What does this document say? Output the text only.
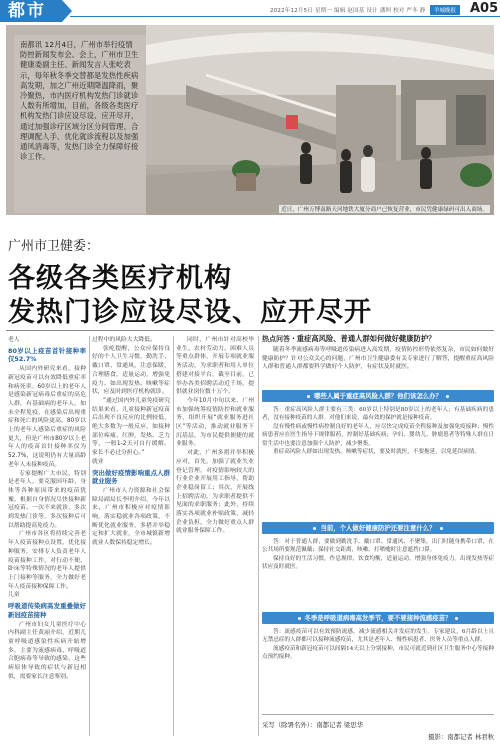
都市	2022年12月5日 星期一 编辑 赵国基 设计 潘圳 校对 严冬 静	羊城晚报	A05

南都讯 12月4日，广州市举行疫情防控新闻发布会。会上，广州市卫生健康委副主任、新闻发言人张屹表示，每年秋冬季交替都是发热性疾病高发期，加之广州近期降温降雨，聚冷聚热，市内医疗机构发热门诊就诊人数有所增加，目前，各级各类医疗机构发热门诊应设尽设、应开尽开，通过加强诊疗区域分区分间管理、合理调配人手、优化就诊流程以及加强通风消毒等，发热门诊全力保障好接诊工作。

近日，广州万博南路天河地铁大厦分商户已恢复营业，市民凭健康绿码可出入商场。
广州市卫健委：
各级各类医疗机构
发热门诊应设尽设、应开尽开

老人

80岁以上疫苗首针接种率仅52.7%

从国内外研究来看，接种新冠疫苗可以有效降低重症率和病死率。60岁以上的老年人是感染新冠病毒后重症的高危人群，有基础病的老年人，如未全程免疫，在感染后出现重症和死亡的风险更高。80岁以上的老年人感染后重症的风险更大，但是广州市80岁以上老年人的疫苗首针接种率仅为52.7%，这说明仍有大量高龄老年人未接种疫苗。

专家提醒广大市民，特别是老年人，要克服因年龄、身体等各种原因带来的疫苗犹豫，根据自身情况尽快接种新冠疫苗。一次不来就诊，多次到发热门诊等，多次接种后可以帮助提高免疫力。

广州市各区将持续完善老年人疫苗接种点设置，优化接种服务，安排专人负责老年人疫苗接种工作，对行动不便、卧床等特殊情况的老年人提供上门接种等服务，全力做好老年人疫苗接种保障工作。

儿童

呼吸道传染病高发重叠做好新冠疫苗接种

广州市妇女儿童医疗中心内科副主任黄丽介绍，近期儿童呼吸道感染性疾病开始增多，主要为流感病毒、呼吸道合胞病毒等导致的感染，这些病原体导致的症状与新冠相似，需要家长注意鉴别。

过程中的风险大大降低。

张屹提醒，公众应保持良好的个人卫生习惯，勤洗手、戴口罩、常通风，注意保暖，合理膳食，适量运动，增强免疫力。如出现发热、咳嗽等症状，应及时到医疗机构就诊。

“通过国内外儿童免疫研究结果来看，儿童接种新冠疫苗后出现不良反应的比例较低，绝大多数为一般反应，如接种部位疼痛、红肿，发热、乏力等，一般1-2天可自行缓解。家长不必过分担心。”

就业

突出做好疫情影响重点人群就业服务

广州市人力资源和社会保障局副局长李明介绍，今年以来，广州市积极应对疫情影响，落实稳就业各项政策，不断优化就业服务，多措并举稳定和扩大就业，全市城镇新增就业人数保持稳定增长。

同时，广州市针对高校毕业生、农村劳动力、困难人员等重点群体，开展专项就业服务活动，为求职者和用人单位搭建对接平台，截至目前，已举办各类招聘活动近千场，提供就业岗位数十万个。

今年10月中旬以来，广州市加强统筹疫情防控和就业服务，组织开展“就业服务进社区”等活动，推动就业服务下沉基层，为市民提供便捷的就业服务。

对此，广州多措并举积极应对，首先，加强了就业失业登记管理，对疫情影响较大的行业企业开展用工指导，帮助企业稳岗留工；其次，开展线上招聘活动，为求职者提供不见面的求职服务；此外，持续落实各项就业补贴政策，减轻企业负担，全力做好重点人群就业服务保障工作。

热点问答
· 重症高风险、普通人群如何做好健康防护？
随着冬季流感病毒等呼吸道传染病进入高发期，疫情防控形势依然复杂，市民如何做好健康防护？针对公众关心的问题，广州市卫生健康委有关专家进行了解答，提醒重症高风险人群和普通人群都要科学做好个人防护，有症状及时就医。
哪些人属于重症高风险人群？他们该怎么办？

答：重症高风险人群主要有三类：60岁以上特别是80岁以上的老年人；有基础疾病的患者，没有接种疫苗的人群。对他们来说，最有效的保护就是接种疫苗。

没有慢性病或慢性病控制良好的老年人，应尽快完成疫苗全程接种及加强免疫接种；慢性病患者应在医生指导下规律服药，控制好基础疾病；孕妇、婴幼儿、肿瘤患者等特殊人群在日常生活中也要注意加强个人防护，减少聚集。

重症高风险人群如出现发热、咳嗽等症状，要及时就医，不要拖延，以免延误病情。

当前，个人做好健康防护还要注意什么？

答：对于普通人群，要做到勤洗手、戴口罩、常通风、不聚集，出门时随身携带口罩，在公共场所要规范佩戴；保持社交距离，咳嗽、打喷嚏时注意遮挡口鼻。

保持良好的生活习惯，作息规律，饮食均衡，适量运动，增强身体免疫力。出现发热等症状应及时就医。

冬季是呼吸道病毒高发季节，要不要接种流感疫苗？

答：流感疫苗可以有效预防流感，减少流感相关并发症的发生。专家建议，6月龄以上且无禁忌症的人群都可以接种流感疫苗，尤其是老年人、慢性病患者、医务人员等重点人群。

流感疫苗和新冠疫苗可以间隔14天以上分别接种，市民可就近到社区卫生服务中心等接种点预约接种。

采写（除署名外）：南都记者 梁思华
摄影：南都记者 林君秋
